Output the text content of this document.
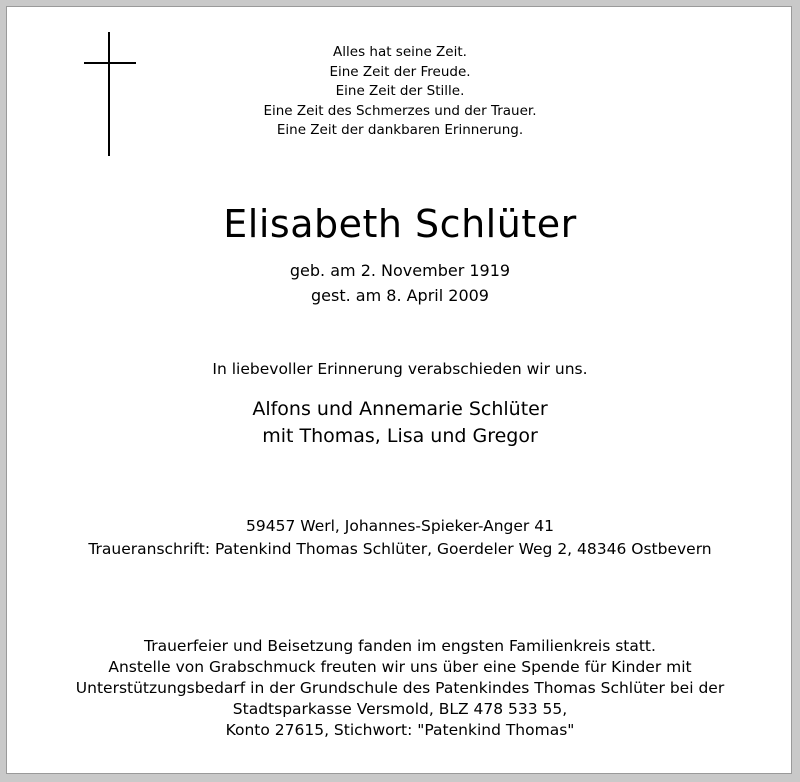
Alles hat seine Zeit.
Eine Zeit der Freude.
Eine Zeit der Stille.
Eine Zeit des Schmerzes und der Trauer.
Eine Zeit der dankbaren Erinnerung.
Elisabeth Schlüter
geb. am 2. November 1919
gest. am 8. April 2009
In liebevoller Erinnerung verabschieden wir uns.
Alfons und Annemarie Schlüter
mit Thomas, Lisa und Gregor
59457 Werl, Johannes-Spieker-Anger 41
Traueranschrift: Patenkind Thomas Schlüter, Goerdeler Weg 2, 48346 Ostbevern
Trauerfeier und Beisetzung fanden im engsten Familienkreis statt.
Anstelle von Grabschmuck freuten wir uns über eine Spende für Kinder mit
Unterstützungsbedarf in der Grundschule des Patenkindes Thomas Schlüter bei der
Stadtsparkasse Versmold, BLZ 478 533 55,
Konto 27615, Stichwort: "Patenkind Thomas"
